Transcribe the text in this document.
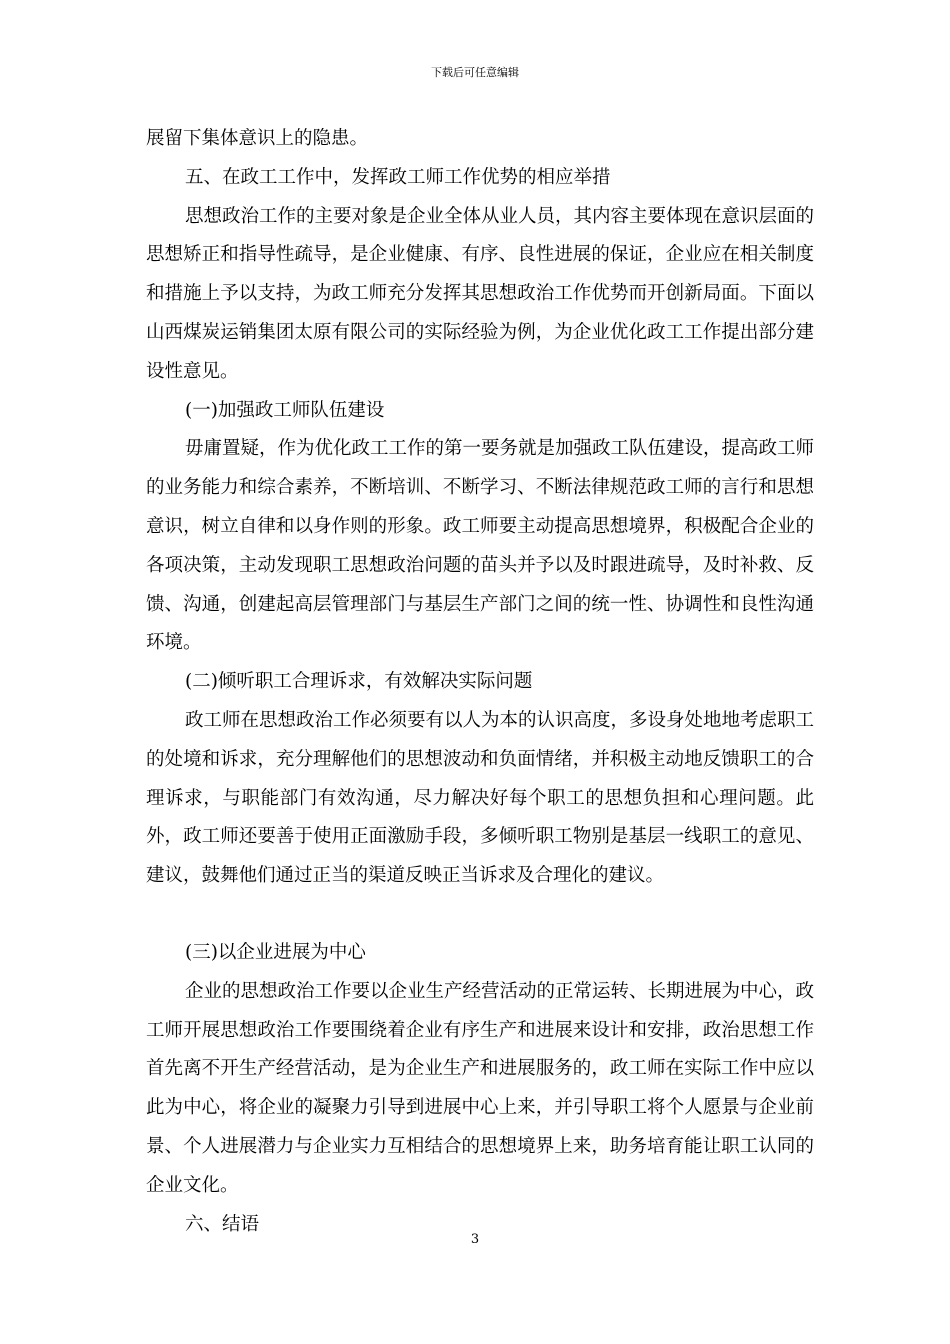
下载后可任意编辑

展留下集体意识上的隐患。

五、在政工工作中，发挥政工师工作优势的相应举措

思想政治工作的主要对象是企业全体从业人员，其内容主要体现在意识层面的思想矫正和指导性疏导，是企业健康、有序、良性进展的保证，企业应在相关制度和措施上予以支持，为政工师充分发挥其思想政治工作优势而开创新局面。下面以山西煤炭运销集团太原有限公司的实际经验为例，为企业优化政工工作提出部分建设性意见。

(一)加强政工师队伍建设

毋庸置疑，作为优化政工工作的第一要务就是加强政工队伍建设，提高政工师的业务能力和综合素养，不断培训、不断学习、不断法律规范政工师的言行和思想意识，树立自律和以身作则的形象。政工师要主动提高思想境界，积极配合企业的各项决策，主动发现职工思想政治问题的苗头并予以及时跟进疏导，及时补救、反馈、沟通，创建起高层管理部门与基层生产部门之间的统一性、协调性和良性沟通环境。

(二)倾听职工合理诉求，有效解决实际问题

政工师在思想政治工作必须要有以人为本的认识高度，多设身处地地考虑职工的处境和诉求，充分理解他们的思想波动和负面情绪，并积极主动地反馈职工的合理诉求，与职能部门有效沟通，尽力解决好每个职工的思想负担和心理问题。此外，政工师还要善于使用正面激励手段，多倾听职工物别是基层一线职工的意见、建议，鼓舞他们通过正当的渠道反映正当诉求及合理化的建议。

(三)以企业进展为中心

企业的思想政治工作要以企业生产经营活动的正常运转、长期进展为中心，政工师开展思想政治工作要围绕着企业有序生产和进展来设计和安排，政治思想工作首先离不开生产经营活动，是为企业生产和进展服务的，政工师在实际工作中应以此为中心，将企业的凝聚力引导到进展中心上来，并引导职工将个人愿景与企业前景、个人进展潜力与企业实力互相结合的思想境界上来，助务培育能让职工认同的企业文化。

六、结语

3
